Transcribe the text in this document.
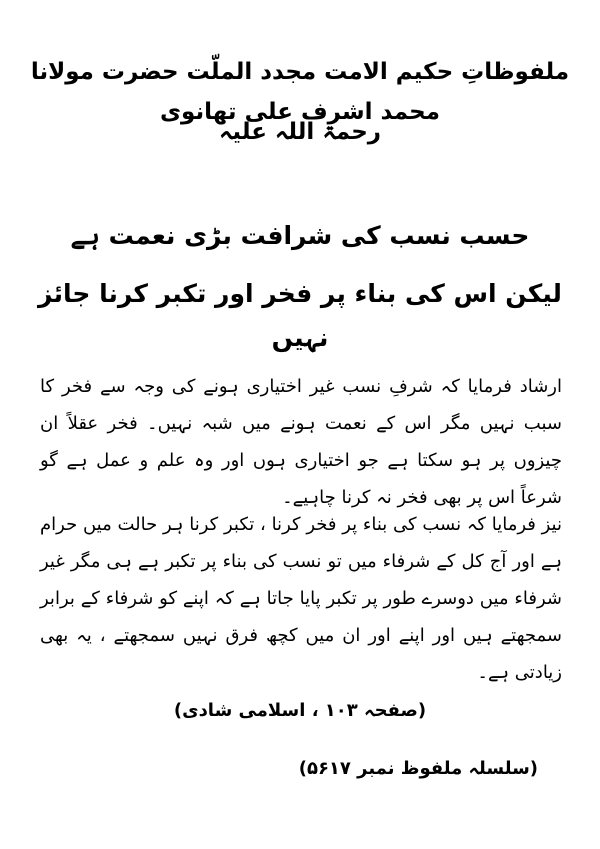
ملفوظاتِ حکیم الامت مجدد الملّت حضرت مولانا محمد اشرف علی تھانوی
رحمۃ اللہ علیہ
حسب نسب کی شرافت بڑی نعمت ہے
لیکن اس کی بناء پر فخر اور تکبر کرنا جائز نہیں
ارشاد فرمایا کہ شرفِ نسب غیر اختیاری ہونے کی وجہ سے فخر کا سبب نہیں مگر اس کے نعمت ہونے میں شبہ نہیں۔ فخر عقلاً ان چیزوں پر ہو سکتا ہے جو اختیاری ہوں اور وہ علم و عمل ہے گو شرعاً اس پر بھی فخر نہ کرنا چاہیے۔
نیز فرمایا کہ نسب کی بناء پر فخر کرنا ، تکبر کرنا ہر حالت میں حرام ہے اور آج کل کے شرفاء میں تو نسب کی بناء پر تکبر ہے ہی مگر غیر شرفاء میں دوسرے طور پر تکبر پایا جاتا ہے کہ اپنے کو شرفاء کے برابر سمجھتے ہیں اور اپنے اور ان میں کچھ فرق نہیں سمجھتے ، یہ بھی زیادتی ہے۔
(صفحہ ۱۰۳ ، اسلامی شادی)
(سلسلہ ملفوظ نمبر ۵۶۱۷)
